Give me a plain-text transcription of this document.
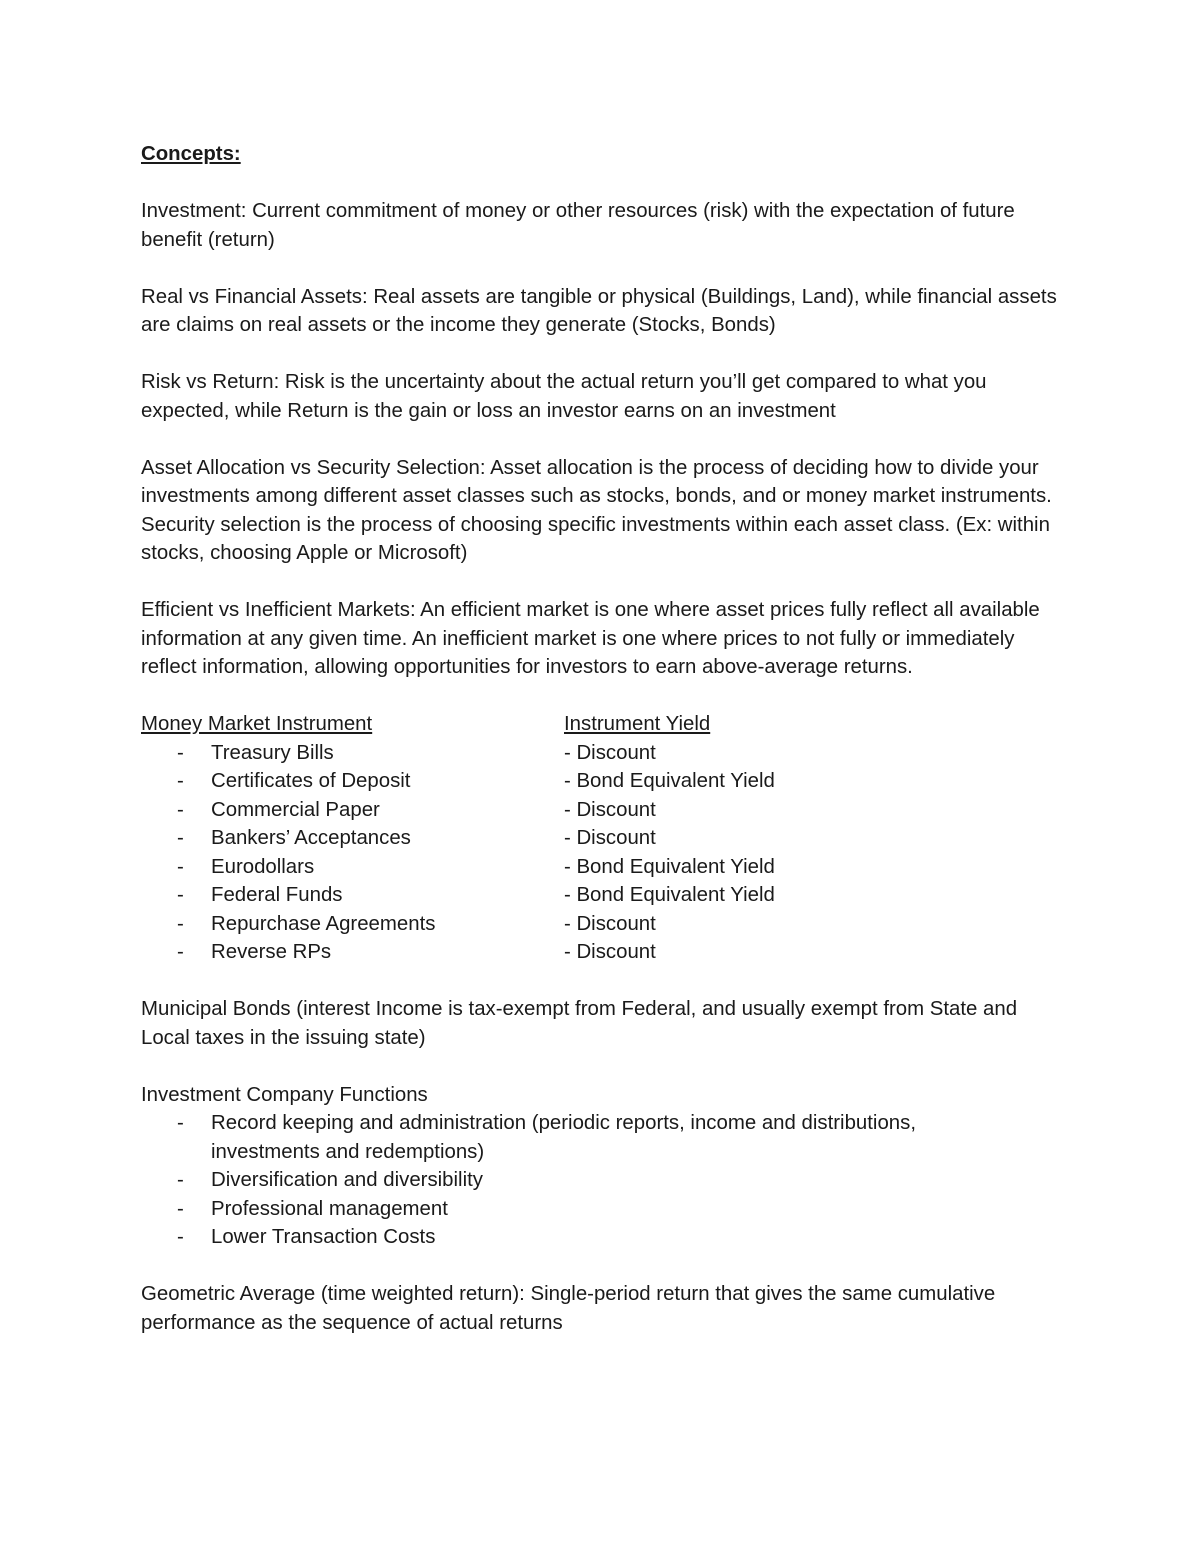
Concepts:

Investment: Current commitment of money or other resources (risk) with the expectation of future benefit (return)

Real vs Financial Assets: Real assets are tangible or physical (Buildings, Land), while financial assets are claims on real assets or the income they generate (Stocks, Bonds)

Risk vs Return: Risk is the uncertainty about the actual return you’ll get compared to what you expected, while Return is the gain or loss an investor earns on an investment

Asset Allocation vs Security Selection: Asset allocation is the process of deciding how to divide your investments among different asset classes such as stocks, bonds, and or money market instruments. Security selection is the process of choosing specific investments within each asset class. (Ex: within stocks, choosing Apple or Microsoft)

Efficient vs Inefficient Markets: An efficient market is one where asset prices fully reflect all available information at any given time. An inefficient market is one where prices to not fully or immediately reflect information, allowing opportunities for investors to earn above-average returns.

Money Market Instrument	Instrument Yield
-	Treasury Bills	- Discount
-	Certificates of Deposit	- Bond Equivalent Yield
-	Commercial Paper	- Discount
-	Bankers’ Acceptances	- Discount
-	Eurodollars	- Bond Equivalent Yield
-	Federal Funds	- Bond Equivalent Yield
-	Repurchase Agreements	- Discount
-	Reverse RPs	- Discount

Municipal Bonds (interest Income is tax-exempt from Federal, and usually exempt from State and Local taxes in the issuing state)

Investment Company Functions

-	Record keeping and administration (periodic reports, income and distributions, investments and redemptions)
-	Diversification and diversibility
-	Professional management
-	Lower Transaction Costs

Geometric Average (time weighted return): Single-period return that gives the same cumulative performance as the sequence of actual returns
